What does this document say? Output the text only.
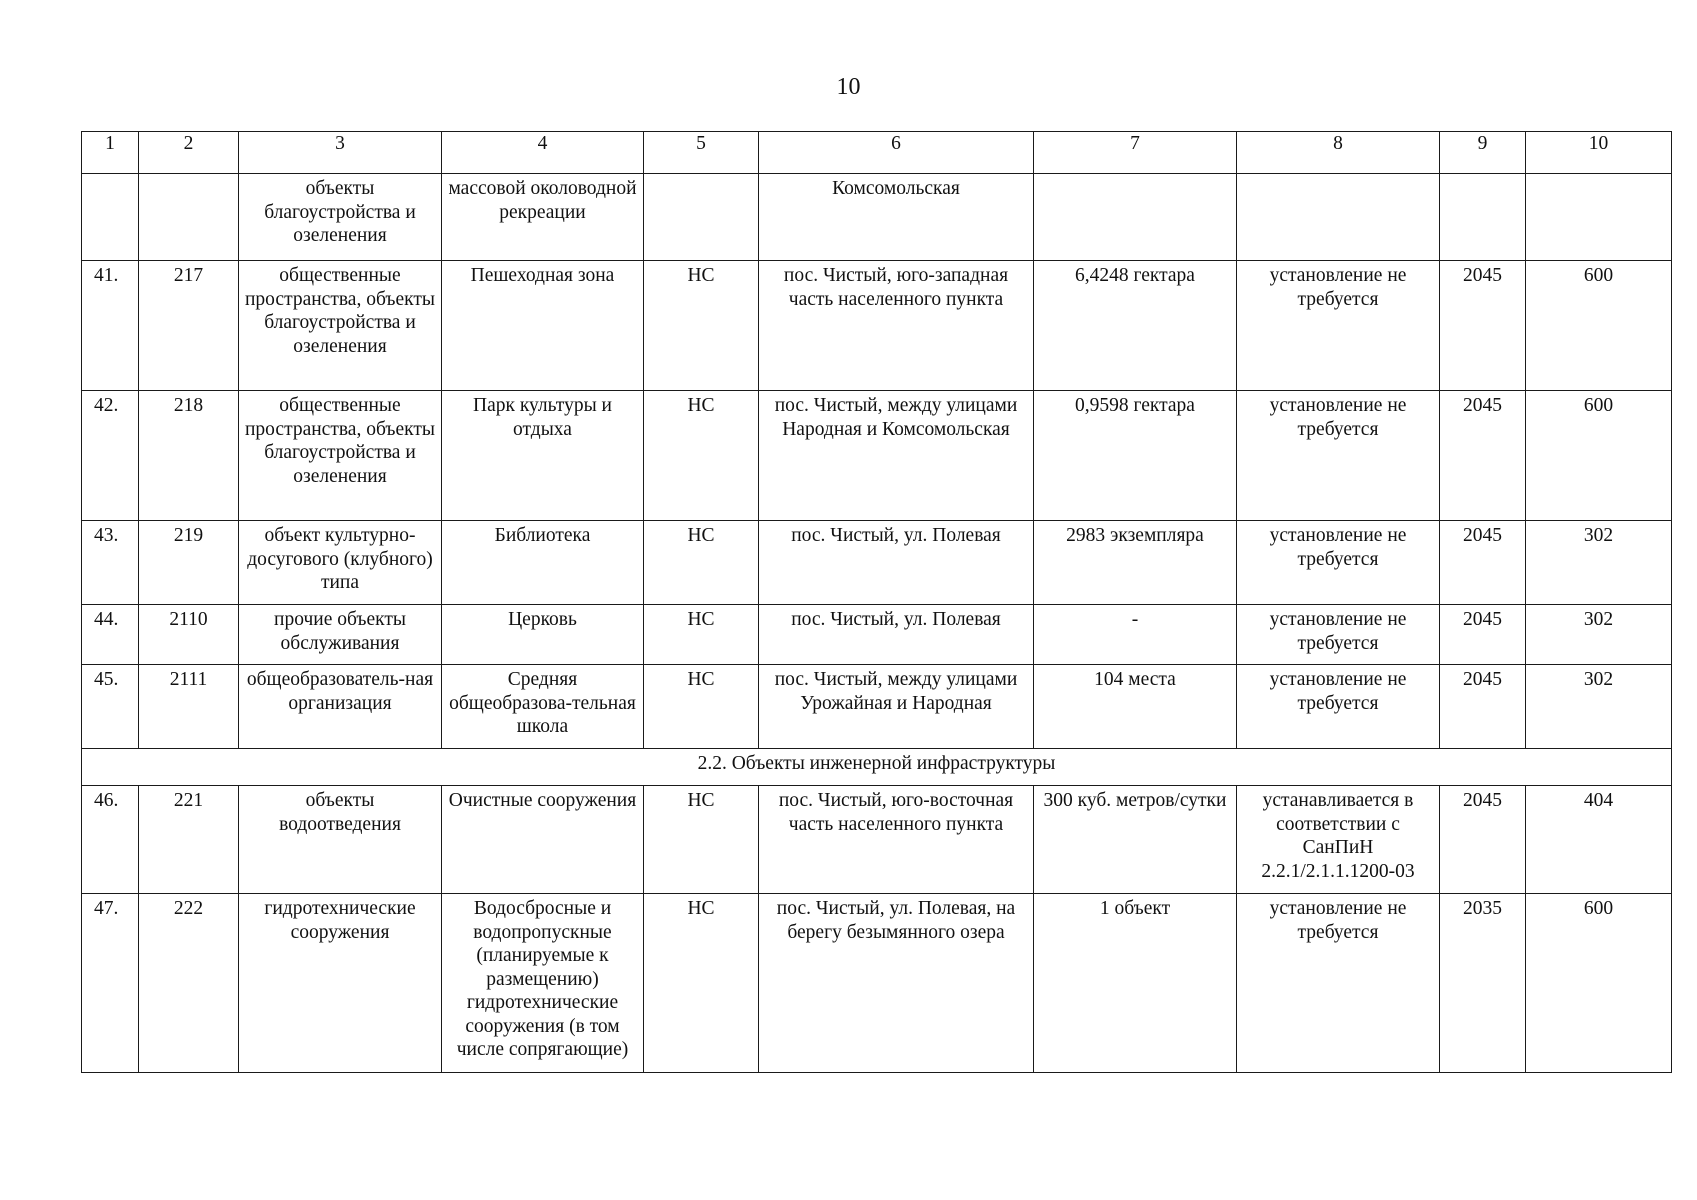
10
1	2	3	4	5	6	7	8	9	10
		объекты благоустройства и озеленения	массовой околоводной рекреации		Комсомольская				
41.	217	общественные пространства, объекты благоустройства и озеленения	Пешеходная зона	НС	пос. Чистый, юго-западная часть населенного пункта	6,4248 гектара	установление не требуется	2045	600
42.	218	общественные пространства, объекты благоустройства и озеленения	Парк культуры и отдыха	НС	пос. Чистый, между улицами Народная и Комсомольская	0,9598 гектара	установление не требуется	2045	600
43.	219	объект культурно-досугового (клубного) типа	Библиотека	НС	пос. Чистый, ул. Полевая	2983 экземпляра	установление не требуется	2045	302
44.	2110	прочие объекты обслуживания	Церковь	НС	пос. Чистый, ул. Полевая	-	установление не требуется	2045	302
45.	2111	общеобразователь-ная организация	Средняя общеобразова-тельная школа	НС	пос. Чистый, между улицами Урожайная и Народная	104 места	установление не требуется	2045	302
2.2. Объекты инженерной инфраструктуры									
46.	221	объекты водоотведения	Очистные сооружения	НС	пос. Чистый, юго-восточная часть населенного пункта	300 куб. метров/сутки	устанавливается в соответствии с СанПиН 2.2.1/2.1.1.1200-03	2045	404
47.	222	гидротехнические сооружения	Водосбросные и водопропускные (планируемые к размещению) гидротехнические сооружения (в том числе сопрягающие)	НС	пос. Чистый, ул. Полевая, на берегу безымянного озера	1 объект	установление не требуется	2035	600
